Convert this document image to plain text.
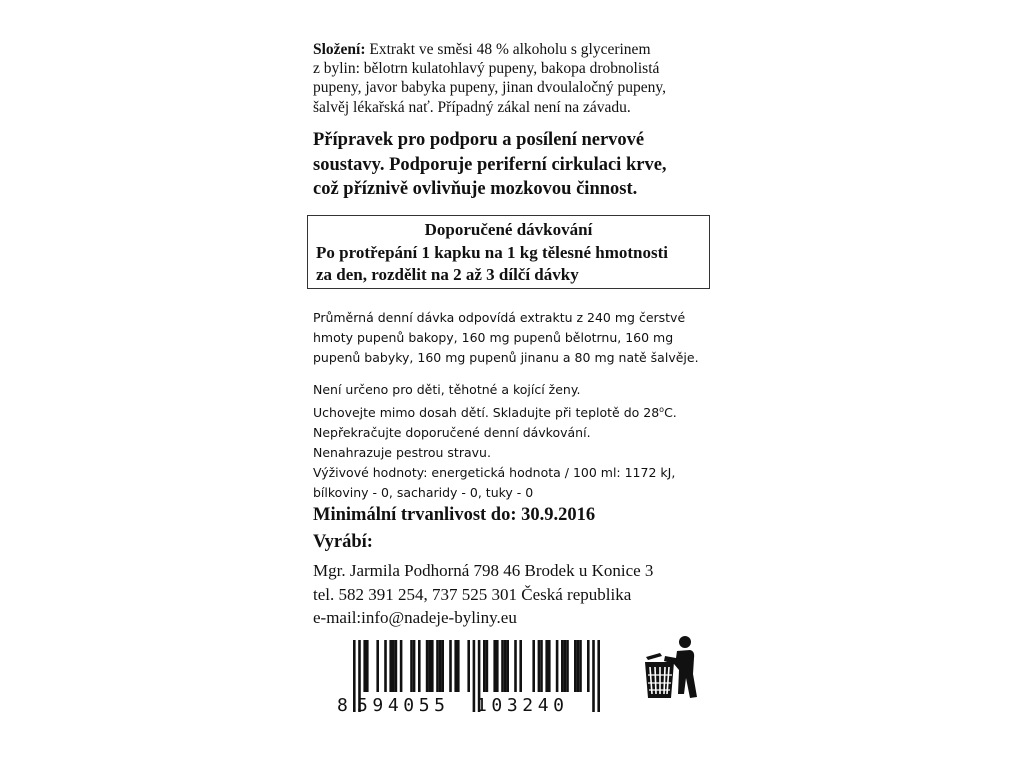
Složení: Extrakt ve směsi 48 % alkoholu s glycerinem
z bylin: bělotrn kulatohlavý pupeny, bakopa drobnolistá
pupeny, javor babyka pupeny, jinan dvoulaločný pupeny,
šalvěj lékařská nať. Případný zákal není na závadu.
Přípravek pro podporu a posílení nervové
soustavy. Podporuje periferní cirkulaci krve,
což příznivě ovlivňuje mozkovou činnost.
Doporučené dávkování
Po protřepání 1 kapku na 1 kg tělesné hmotnosti
za den, rozdělit na 2 až 3 dílčí dávky
Průměrná denní dávka odpovídá extraktu z 240 mg čerstvé
hmoty pupenů bakopy, 160 mg pupenů bělotrnu, 160 mg
pupenů babyky, 160 mg pupenů jinanu a 80 mg natě šalvěje.
Není určeno pro děti, těhotné a kojící ženy.
Uchovejte mimo dosah dětí. Skladujte při teplotě do 28$^o$C.
Nepřekračujte doporučené denní dávkování.
Nenahrazuje pestrou stravu.
Výživové hodnoty: energetická hodnota / 100 ml: 1172 kJ,
bílkoviny - 0, sacharidy - 0, tuky - 0
Minimální trvanlivost do: 30.9.2016
Vyrábí:
Mgr. Jarmila Podhorná 798 46 Brodek u Konice 3
tel. 582 391 254, 737 525 301 Česká republika
e-mail:info@nadeje-byliny.eu
8 594055 103240
